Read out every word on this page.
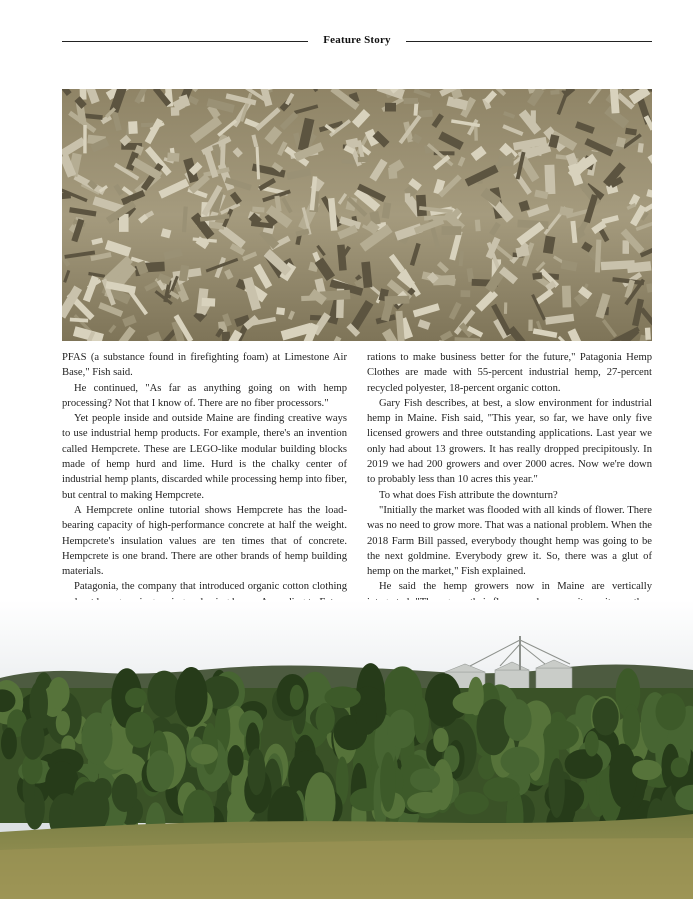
Feature Story

PFAS (a substance found in firefighting foam) at Limestone Air Base," Fish said.

He continued, "As far as anything going on with hemp processing? Not that I know of. There are no fiber processors."

Yet people inside and outside Maine are finding creative ways to use industrial hemp products. For example, there's an invention called Hempcrete. These are LEGO-like modular building blocks made of hemp hurd and lime. Hurd is the chalky center of industrial hemp plants, discarded while processing hemp into fiber, but central to making Hempcrete.

A Hempcrete online tutorial shows Hempcrete has the load-bearing capacity of high-performance concrete at half the weight. Hempcrete's insulation values are ten times that of concrete. Hempcrete is one brand. There are other brands of hemp building materials.

Patagonia, the company that introduced organic cotton clothing

rations to make business better for the future," Patagonia Hemp Clothes are made with 55-percent industrial hemp, 27-percent recycled polyester, 18-percent organic cotton.

Gary Fish describes, at best, a slow environment for industrial hemp in Maine. Fish said, "This year, so far, we have only five licensed growers and three outstanding applications. Last year we only had about 13 growers. It has really dropped precipitously. In 2019 we had 200 growers and over 2000 acres. Now we're down to probably less than 10 acres this year."

To what does Fish attribute the downturn?

"Initially the market was flooded with all kinds of flower. There was no need to grow more. That was a national problem. When the 2018 Farm Bill passed, everybody thought hemp was going to be the next goldmine. Everybody grew it. So, there was a glut of hemp on the market," Fish explained.

He said the hemp growers now in Maine are vertically
